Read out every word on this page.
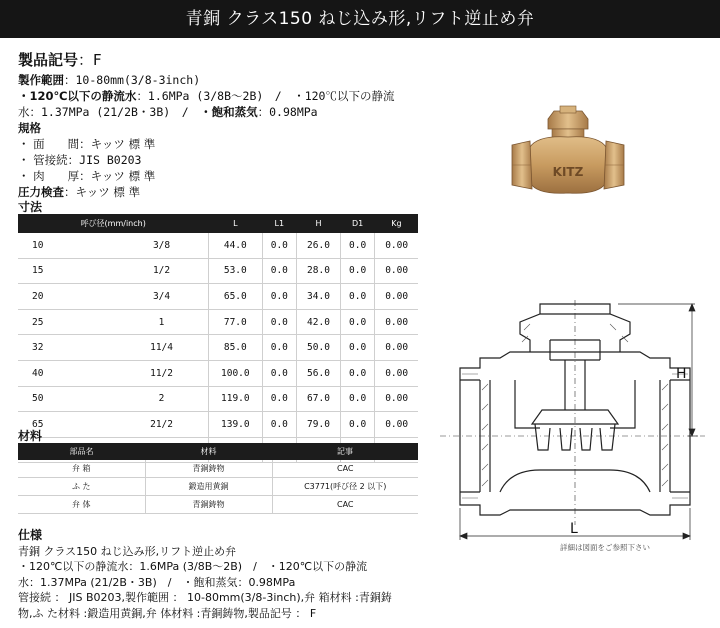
青銅 クラス150 ねじ込み形,リフト逆止め弁
製品記号：F
製作範囲：10-80mm(3/8-3inch)
・120℃以下の静流水：1.6MPa (3/8B～2B)　/　・120℃以下の静流
水：1.37MPa (21/2B・3B)　/　・飽和蒸気：0.98MPa
規格
・ 面　　間：キッツ 標 準
・ 管接続：JIS B0203
・ 肉　　厚：キッツ 標 準
圧力検査：キッツ 標 準
寸法
呼び径(mm/inch)		L	L1	H	D1	Kg
10	3/8	44.0	0.0	26.0	0.0	0.00
15	1/2	53.0	0.0	28.0	0.0	0.00
20	3/4	65.0	0.0	34.0	0.0	0.00
25	1	77.0	0.0	42.0	0.0	0.00
32	11/4	85.0	0.0	50.0	0.0	0.00
40	11/2	100.0	0.0	56.0	0.0	0.00
50	2	119.0	0.0	67.0	0.0	0.00
65	21/2	139.0	0.0	79.0	0.0	0.00

材料
部品名	材料	記事
弁 箱	青銅鋳物	CAC
ふ た	鍛造用黄銅	C3771(呼び径 2 以下)
弁 体	青銅鋳物	CAC
仕様
青銅 クラス150 ねじ込み形,リフト逆止め弁
・120℃以下の静流水：1.6MPa (3/8B～2B)　/　・120℃以下の静流
水：1.37MPa (21/2B・3B)　/　・飽和蒸気：0.98MPa
管接続 ： JIS B0203,製作範囲 ： 10-80mm(3/8-3inch),弁 箱材料 :青銅鋳
物,ふ た材料 :鍛造用黄銅,弁 体材料 :青銅鋳物,製品記号 ： F
KITZ
H
L
詳細は図面をご参照下さい
